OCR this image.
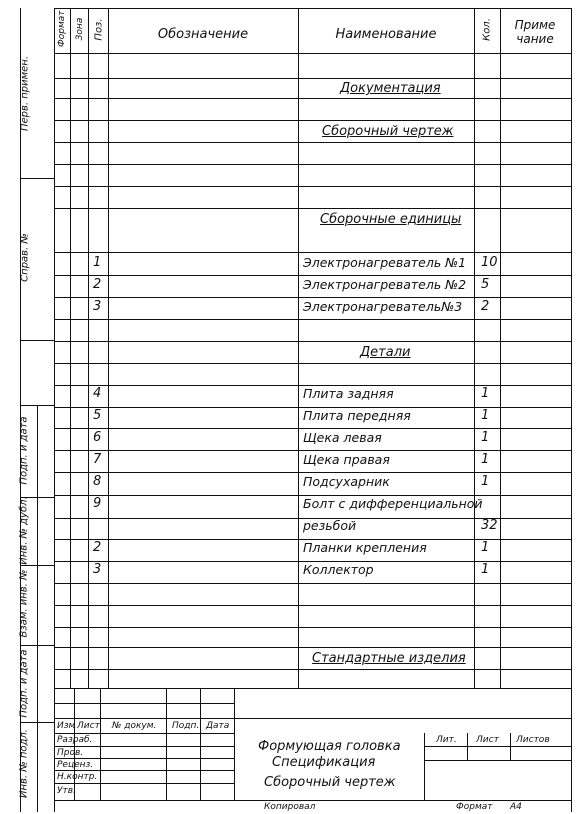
Формат Зона Поз.	Обозначение	Наименование	Кол.	Приме чание
Перв. примен.
Справ. №
Подп. и дата
Инв. № дубл.
Взам. инв. №
Подп. и дата
Инв. № подл.
Документация
Сборочный чертеж
Сборочные единицы
Детали
Стандартные изделия
1	Электронагреватель №1 10
2	Электронагреватель №2 5
3	Электронагреватель№3 2
4	Плита задняя	1
5	Плита передняя	1
6	Щека левая	1
7	Щека правая	1
8	Подсухарник	1
9	Болт с дифференциальной
резьбой	32
2	Планки крепления	1
3	Коллектор	1
Изм Лист № докум. Подп. Дата
Разраб.
Пров.
Реценз.
Н.контр.
Утв.
Формующая головка
Спецификация
Сборочный чертеж
Лит. Лист Листов
Копировал	Формат А4
